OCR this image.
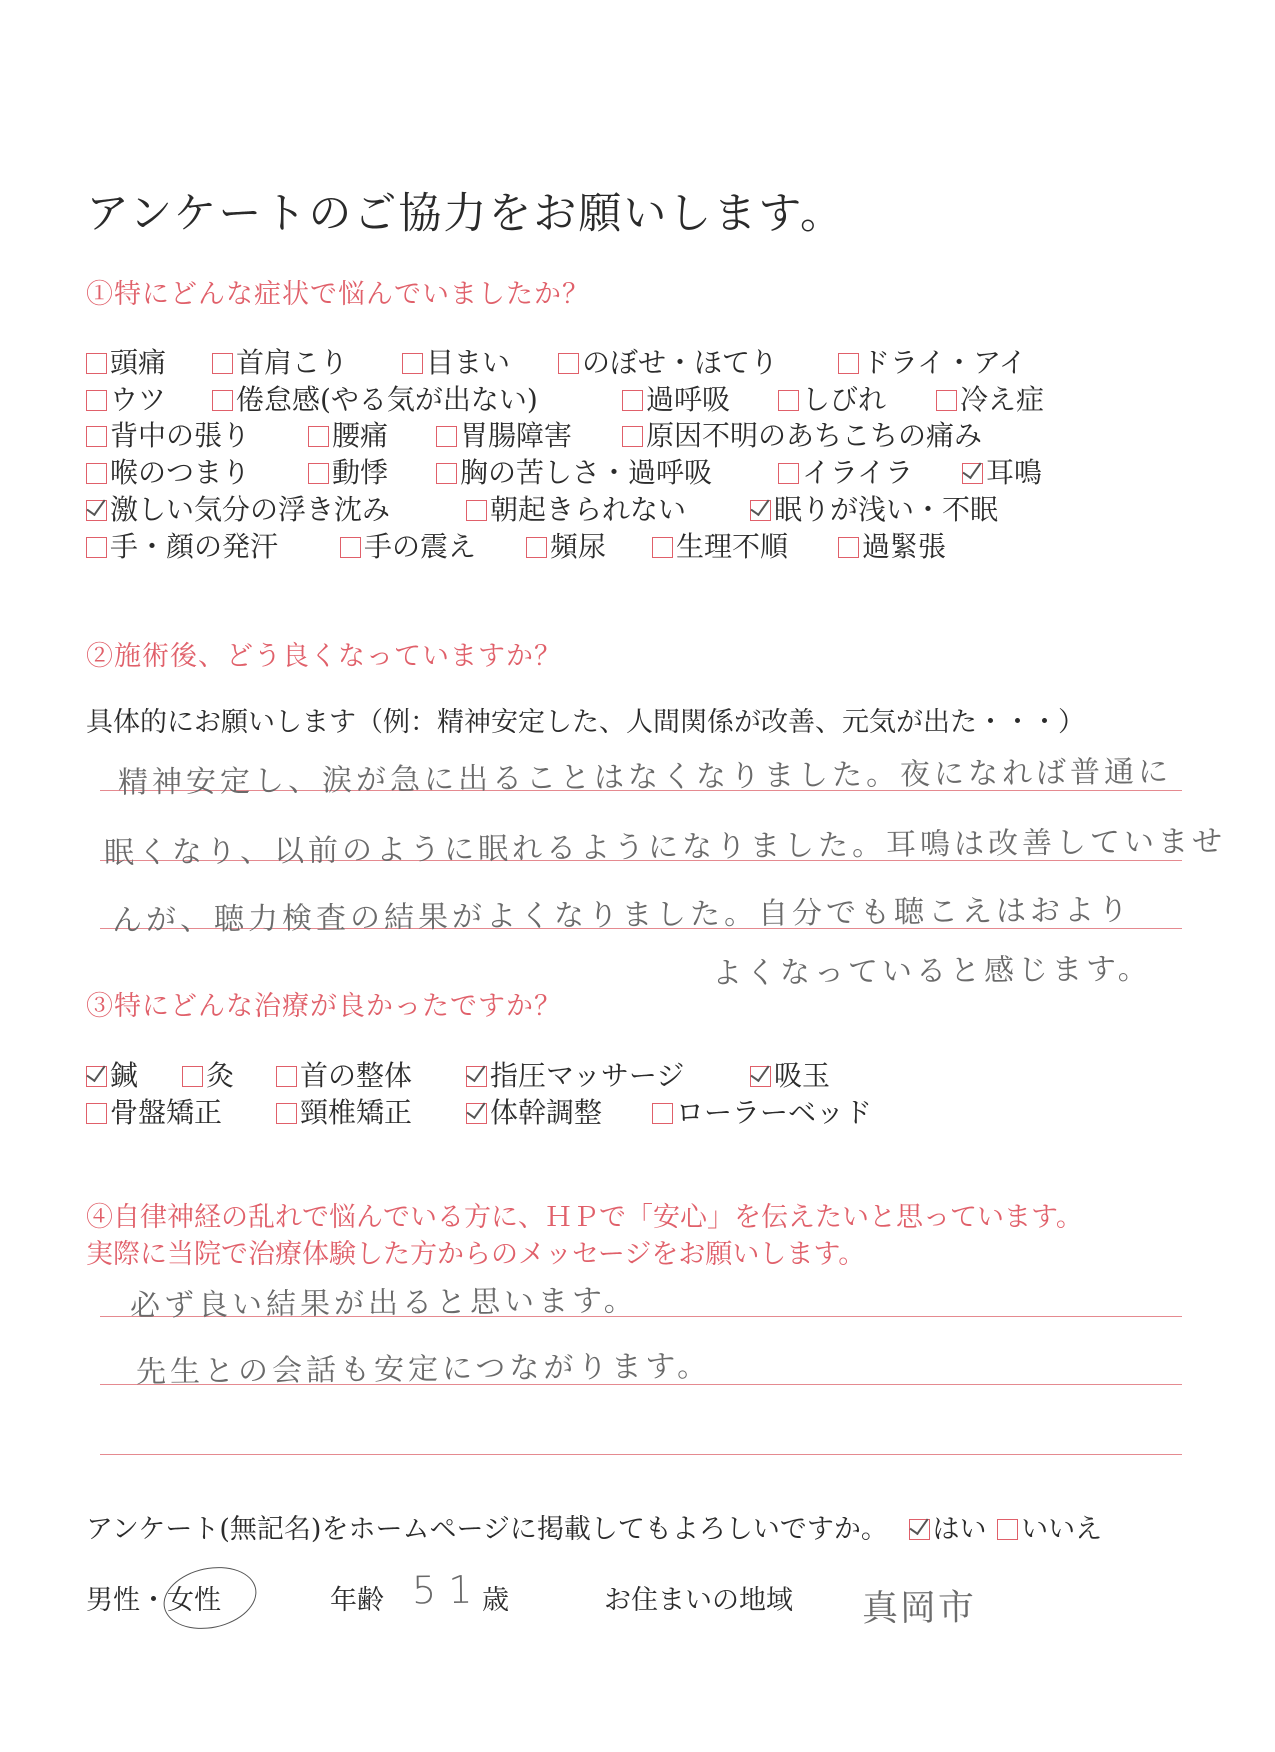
アンケートのご協力をお願いします。
①特にどんな症状で悩んでいましたか？
頭痛	首肩こり	目まい	のぼせ・ほてり	ドライ・アイ
ウツ	倦怠感(やる気が出ない)	過呼吸	しびれ	冷え症
背中の張り	腰痛	胃腸障害	原因不明のあちこちの痛み
喉のつまり	動悸	胸の苦しさ・過呼吸	イライラ	耳鳴
激しい気分の浮き沈み	朝起きられない	眠りが浅い・不眠
手・顔の発汗	手の震え	頻尿	生理不順	過緊張
②施術後、どう良くなっていますか？
具体的にお願いします（例：精神安定した、人間関係が改善、元気が出た・・・）
精神安定し、涙が急に出ることはなくなりました。夜になれば普通に
眠くなり、以前のように眠れるようになりました。耳鳴は改善していませ
んが、聴力検査の結果がよくなりました。自分でも聴こえはおより
よくなっていると感じます。
③特にどんな治療が良かったですか？
鍼	灸	首の整体	指圧マッサージ	吸玉
骨盤矯正	頸椎矯正	体幹調整	ローラーベッド
④自律神経の乱れで悩んでいる方に、ＨＰで「安心」を伝えたいと思っています。
実際に当院で治療体験した方からのメッセージをお願いします。
必ず良い結果が出ると思います。
先生との会話も安定につながります。
アンケート(無記名)をホームページに掲載してもよろしいですか。 はい いいえ
男性・女性	年齢 51
歳	お住まいの地域 真岡市
